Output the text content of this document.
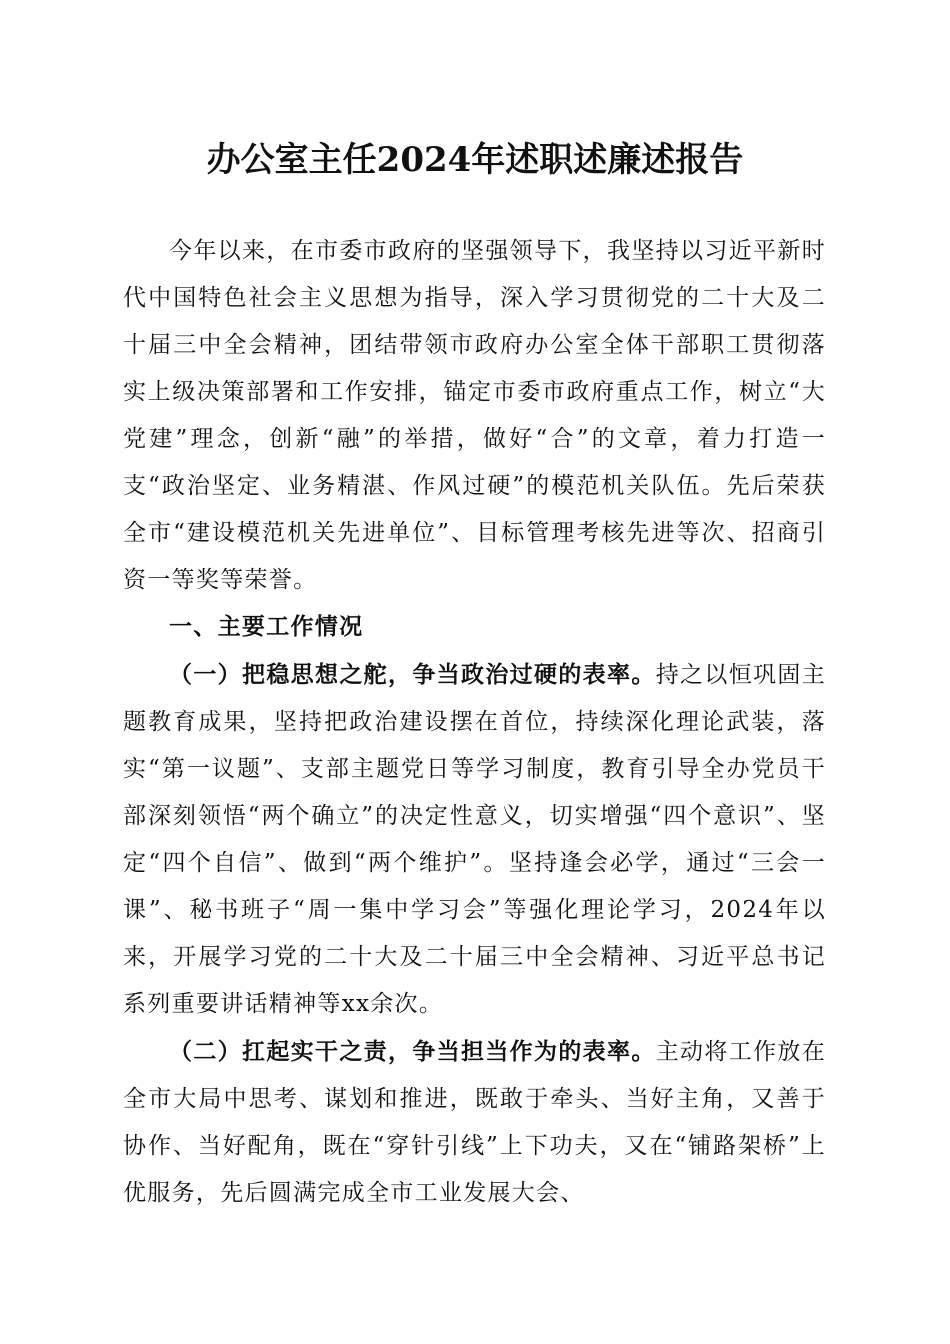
办公室主任2024年述职述廉述报告

今年以来，在市委市政府的坚强领导下，我坚持以习近平新时代中国特色社会主义思想为指导，深入学习贯彻党的二十大及二十届三中全会精神，团结带领市政府办公室全体干部职工贯彻落实上级决策部署和工作安排，锚定市委市政府重点工作，树立“大党建”理念，创新“融”的举措，做好“合”的文章，着力打造一支“政治坚定、业务精湛、作风过硬”的模范机关队伍。先后荣获全市“建设模范机关先进单位”、目标管理考核先进等次、招商引资一等奖等荣誉。

一、主要工作情况

（一）把稳思想之舵，争当政治过硬的表率。持之以恒巩固主题教育成果，坚持把政治建设摆在首位，持续深化理论武装，落实“第一议题”、支部主题党日等学习制度，教育引导全办党员干部深刻领悟“两个确立”的决定性意义，切实增强“四个意识”、坚定“四个自信”、做到“两个维护”。坚持逢会必学，通过“三会一课”、秘书班子“周一集中学习会”等强化理论学习，2024年以来，开展学习党的二十大及二十届三中全会精神、习近平总书记系列重要讲话精神等xx余次。

（二）扛起实干之责，争当担当作为的表率。主动将工作放在全市大局中思考、谋划和推进，既敢于牵头、当好主角，又善于协作、当好配角，既在“穿针引线”上下功夫，又在“铺路架桥”上优服务，先后圆满完成全市工业发展大会、
